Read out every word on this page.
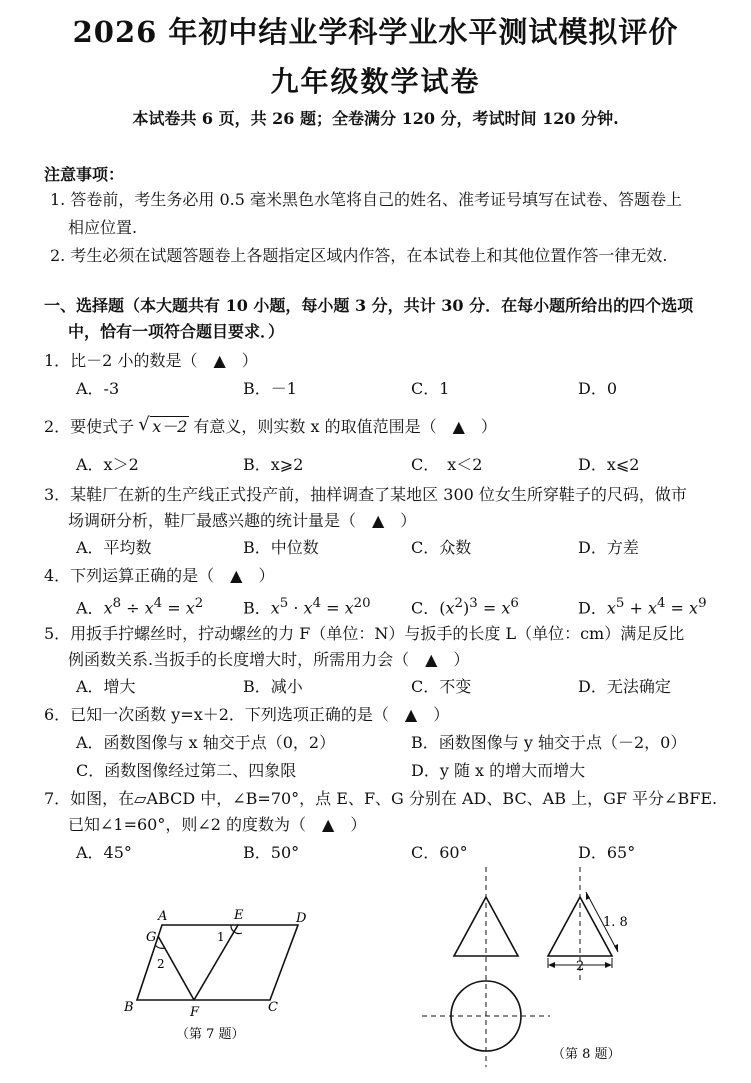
2026 年初中结业学科学业水平测试模拟评价
九年级数学试卷
本试卷共 6 页，共 26 题；全卷满分 120 分，考试时间 120 分钟.
注意事项：
1. 答卷前，考生务必用 0.5 毫米黑色水笔将自己的姓名、准考证号填写在试卷、答题卷上
相应位置.
2. 考生必须在试题答题卷上各题指定区域内作答，在本试卷上和其他位置作答一律无效.
一、选择题（本大题共有 10 小题，每小题 3 分，共计 30 分．在每小题所给出的四个选项
中，恰有一项符合题目要求．）
1．比－2 小的数是（　▲　）
A．-3	B．－1	C．1	D．0
2．要使式子 √ x－2 有意义，则实数 x 的取值范围是（　▲　）
A．x＞2	B．x⩾2	C．　x＜2	D．x⩽2
3．某鞋厂在新的生产线正式投产前，抽样调查了某地区 300 位女生所穿鞋子的尺码，做市
场调研分析，鞋厂最感兴趣的统计量是（　▲　）
A．平均数	B．中位数	C．众数	D．方差
4．下列运算正确的是（　▲　）
A．$x^8 \div x^4 = x^2$ B．$x^5 \cdot x^4 = x^{20}$	C．$(x^2)^3 = x^6$	D．$x^5 + x^4 = x^9$
5．用扳手拧螺丝时，拧动螺丝的力 F（单位：N）与扳手的长度 L（单位：cm）满足反比
例函数关系.当扳手的长度增大时，所需用力会（　▲　）
A．增大	B．减小	C．不变	D．无法确定
6．已知一次函数 y=x＋2．下列选项正确的是（　▲　）
A．函数图像与 x 轴交于点（0，2）	B．函数图像与 y 轴交于点（－2，0）
C．函数图像经过第二、四象限	D．y 随 x 的增大而增大
7．如图，在▱ABCD 中，∠B=70°，点 E、F、G 分别在 AD、BC、AB 上，GF 平分∠BFE.
已知∠1=60°，则∠2 的度数为（　▲　）
A．45°	B．50°	C．60°	D．65°
A	E	D
G	1
2
B	F	C
（第 7 题）
1. 8
2
（第 8 题）
